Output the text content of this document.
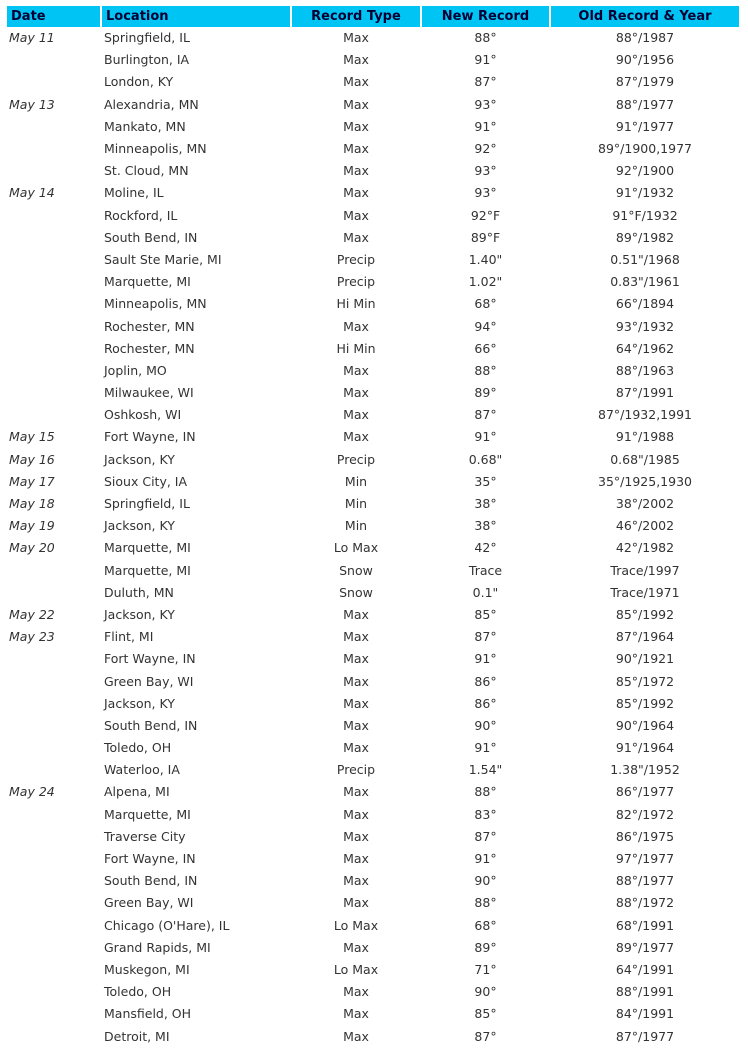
Date	Location	Record Type	New Record	Old Record & Year
May 11	Springfield, IL	Max	88°	88°/1987
	Burlington, IA	Max	91°	90°/1956
	London, KY	Max	87°	87°/1979
May 13	Alexandria, MN	Max	93°	88°/1977
	Mankato, MN	Max	91°	91°/1977
	Minneapolis, MN	Max	92°	89°/1900,1977
	St. Cloud, MN	Max	93°	92°/1900
May 14	Moline, IL	Max	93°	91°/1932
	Rockford, IL	Max	92°F	91°F/1932
	South Bend, IN	Max	89°F	89°/1982
	Sault Ste Marie, MI	Precip	1.40"	0.51"/1968
	Marquette, MI	Precip	1.02"	0.83"/1961
	Minneapolis, MN	Hi Min	68°	66°/1894
	Rochester, MN	Max	94°	93°/1932
	Rochester, MN	Hi Min	66°	64°/1962
	Joplin, MO	Max	88°	88°/1963
	Milwaukee, WI	Max	89°	87°/1991
	Oshkosh, WI	Max	87°	87°/1932,1991
May 15	Fort Wayne, IN	Max	91°	91°/1988
May 16	Jackson, KY	Precip	0.68"	0.68"/1985
May 17	Sioux City, IA	Min	35°	35°/1925,1930
May 18	Springfield, IL	Min	38°	38°/2002
May 19	Jackson, KY	Min	38°	46°/2002
May 20	Marquette, MI	Lo Max	42°	42°/1982
	Marquette, MI	Snow	Trace	Trace/1997
	Duluth, MN	Snow	0.1"	Trace/1971
May 22	Jackson, KY	Max	85°	85°/1992
May 23	Flint, MI	Max	87°	87°/1964
	Fort Wayne, IN	Max	91°	90°/1921
	Green Bay, WI	Max	86°	85°/1972
	Jackson, KY	Max	86°	85°/1992
	South Bend, IN	Max	90°	90°/1964
	Toledo, OH	Max	91°	91°/1964
	Waterloo, IA	Precip	1.54"	1.38"/1952
May 24	Alpena, MI	Max	88°	86°/1977
	Marquette, MI	Max	83°	82°/1972
	Traverse City	Max	87°	86°/1975
	Fort Wayne, IN	Max	91°	97°/1977
	South Bend, IN	Max	90°	88°/1977
	Green Bay, WI	Max	88°	88°/1972
	Chicago (O'Hare), IL	Lo Max	68°	68°/1991
	Grand Rapids, MI	Max	89°	89°/1977
	Muskegon, MI	Lo Max	71°	64°/1991
	Toledo, OH	Max	90°	88°/1991
	Mansfield, OH	Max	85°	84°/1991
	Detroit, MI	Max	87°	87°/1977
